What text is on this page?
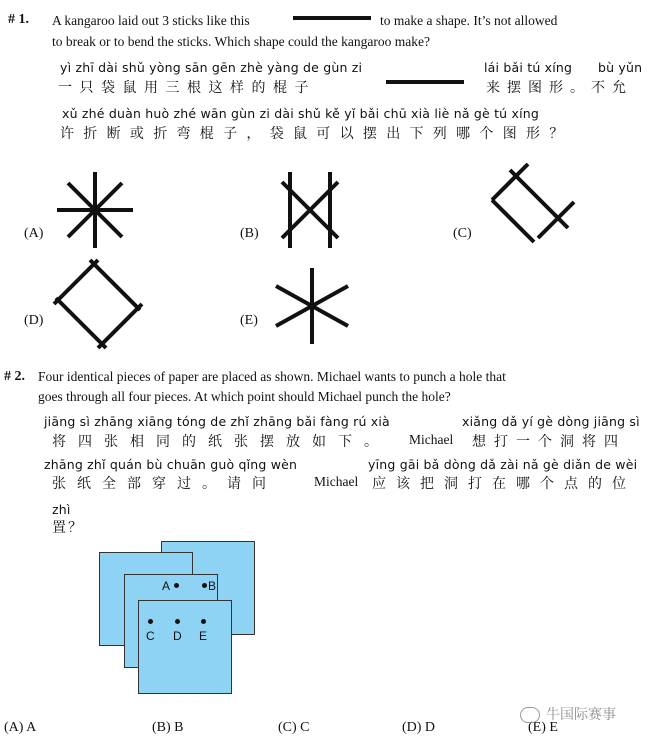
# 1. A kangaroo laid out 3 sticks like this	to make a shape. It’s not allowed
to break or to bend the sticks. Which shape could the kangaroo make?
yì zhī dài shǔ yòng sān gēn zhè yàng de gùn zi	lái bǎi tú xíng bù yǔn
一只袋鼠用三根这样的棍子	来摆图形。不允
xǔ zhé duàn huò zhé wān gùn zi dài shǔ kě yǐ bǎi chū xià liè nǎ gè tú xíng
许折断或折弯棍子，袋鼠可以摆出下列哪个图形？
(A)	(B)	(C)
(D)	(E)
# 2. Four identical pieces of paper are placed as shown. Michael wants to punch a hole that
goes through all four pieces. At which point should Michael punch the hole?
jiāng sì zhāng xiāng tóng de zhǐ zhāng bǎi fàng rú xià	xiǎng dǎ yí gè dòng jiāng sì
将四张相同的纸张摆放如下。 Michael 想打一个洞将四
zhāng zhǐ quán bù chuān guò qǐng wèn	yīng gāi bǎ dòng dǎ zài nǎ gè diǎn de wèi
张纸全部穿过。请问	Michael 应该把洞打在哪个点的位
zhì
置？
A	B
C D E
(A) A	(B) B	(C) C	(D) D	(E) E
牛国际赛事
